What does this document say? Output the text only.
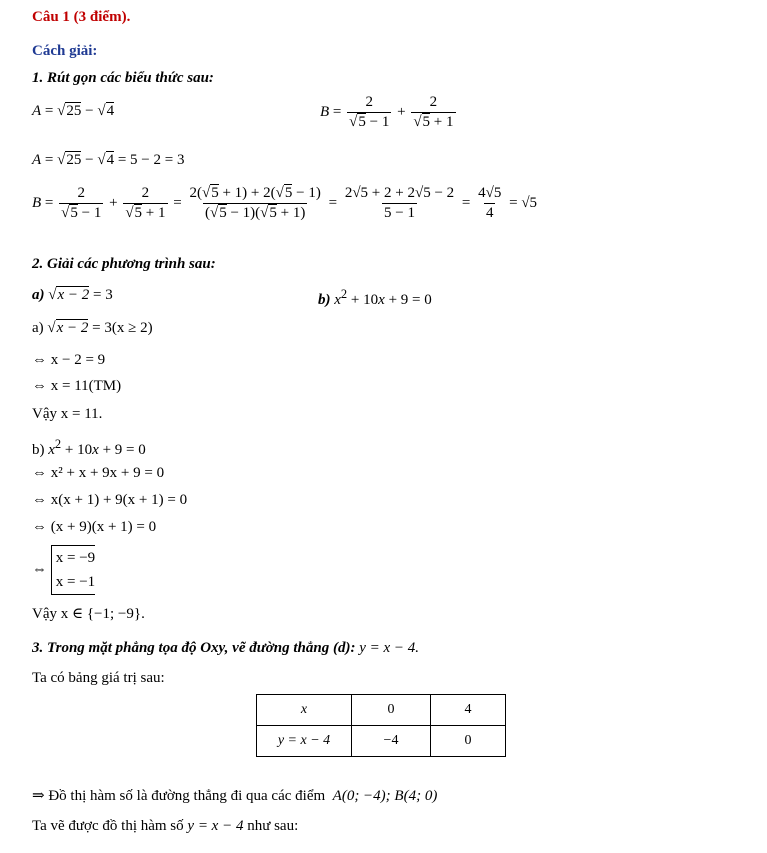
Câu 1 (3 điểm).
Cách giải:
1. Rút gọn các biểu thức sau:
A = √25 − √4	$B = \frac{2}{√5 - 1} + \frac{2}{√5 + 1}$
A = √25 − √4 = 5 − 2 = 3
$B = \frac{2}{√5 - 1} + \frac{2}{√5 + 1} = \frac{2(√5 + 1) + 2(√5 - 1)}{(√5 - 1)(√5 + 1)} = \frac{2√5 + 2 + 2√5 - 2}{5 - 1} = \frac{4√5}{4} = √5$
2. Giải các phương trình sau:
a) √x − 2 = 3	b) $x^2 + 10x + 9 = 0$
a) √x − 2 = 3(x ≥ 2)
⇔ x − 2 = 9
⇔ x = 11(TM)
Vậy x = 11.
b) $x^2 + 10x + 9 = 0$
⇔ x² + x + 9x + 9 = 0
⇔ x(x + 1) + 9(x + 1) = 0
⇔ (x + 9)(x + 1) = 0
⇔
x = −9
x = −1
Vậy x ∈ {−1; −9}.
3. Trong mặt phẳng tọa độ Oxy, vẽ đường thẳng (d): y = x − 4.
Ta có bảng giá trị sau:
x	0	4
y = x − 4	−4	0
⇒ Đồ thị hàm số là đường thẳng đi qua các điểm A(0; −4); B(4; 0)
Ta vẽ được đồ thị hàm số y = x − 4 như sau:
